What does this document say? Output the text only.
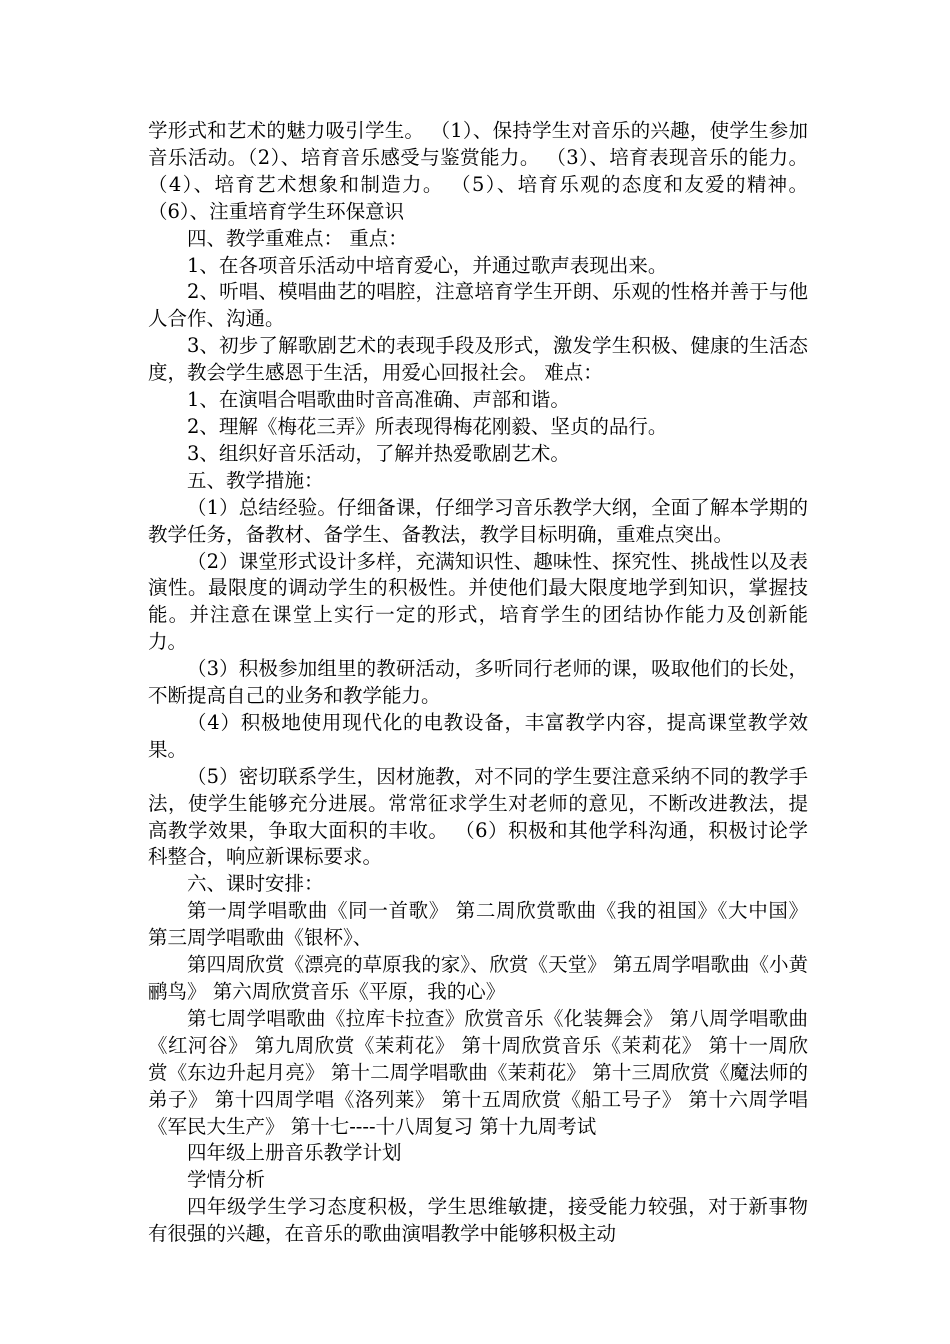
学形式和艺术的魅力吸引学生。 （1）、保持学生对音乐的兴趣，使学生参加音乐活动。（2）、培育音乐感受与鉴赏能力。 （3）、培育表现音乐的能力。（4）、培育艺术想象和制造力。 （5）、培育乐观的态度和友爱的精神。（6）、注重培育学生环保意识

四、教学重难点： 重点：

1、在各项音乐活动中培育爱心，并通过歌声表现出来。

2、听唱、模唱曲艺的唱腔，注意培育学生开朗、乐观的性格并善于与他人合作、沟通。

3、初步了解歌剧艺术的表现手段及形式，激发学生积极、健康的生活态度，教会学生感恩于生活，用爱心回报社会。 难点：

1、在演唱合唱歌曲时音高准确、声部和谐。

2、理解《梅花三弄》所表现得梅花刚毅、坚贞的品行。

3、组织好音乐活动，了解并热爱歌剧艺术。

五、教学措施：

（1）总结经验。仔细备课，仔细学习音乐教学大纲，全面了解本学期的教学任务，备教材、备学生、备教法，教学目标明确，重难点突出。

（2）课堂形式设计多样，充满知识性、趣味性、探究性、挑战性以及表演性。最限度的调动学生的积极性。并使他们最大限度地学到知识，掌握技能。并注意在课堂上实行一定的形式，培育学生的团结协作能力及创新能力。

（3）积极参加组里的教研活动，多听同行老师的课，吸取他们的长处，不断提高自己的业务和教学能力。

（4）积极地使用现代化的电教设备，丰富教学内容，提高课堂教学效果。

（5）密切联系学生，因材施教，对不同的学生要注意采纳不同的教学手法，使学生能够充分进展。常常征求学生对老师的意见，不断改进教法，提高教学效果，争取大面积的丰收。 （6）积极和其他学科沟通，积极讨论学科整合，响应新课标要求。

六、课时安排：

第一周学唱歌曲《同一首歌》 第二周欣赏歌曲《我的祖国》《大中国》 第三周学唱歌曲《银杯》、

第四周欣赏《漂亮的草原我的家》、欣赏《天堂》 第五周学唱歌曲《小黄鹂鸟》 第六周欣赏音乐《平原，我的心》

第七周学唱歌曲《拉库卡拉查》欣赏音乐《化装舞会》 第八周学唱歌曲《红河谷》 第九周欣赏《茉莉花》 第十周欣赏音乐《茉莉花》 第十一周欣赏《东边升起月亮》 第十二周学唱歌曲《茉莉花》 第十三周欣赏《魔法师的弟子》 第十四周学唱《洛列莱》 第十五周欣赏《船工号子》 第十六周学唱《军民大生产》 第十七----十八周复习 第十九周考试

四年级上册音乐教学计划

学情分析

四年级学生学习态度积极，学生思维敏捷，接受能力较强，对于新事物有很强的兴趣，在音乐的歌曲演唱教学中能够积极主动
